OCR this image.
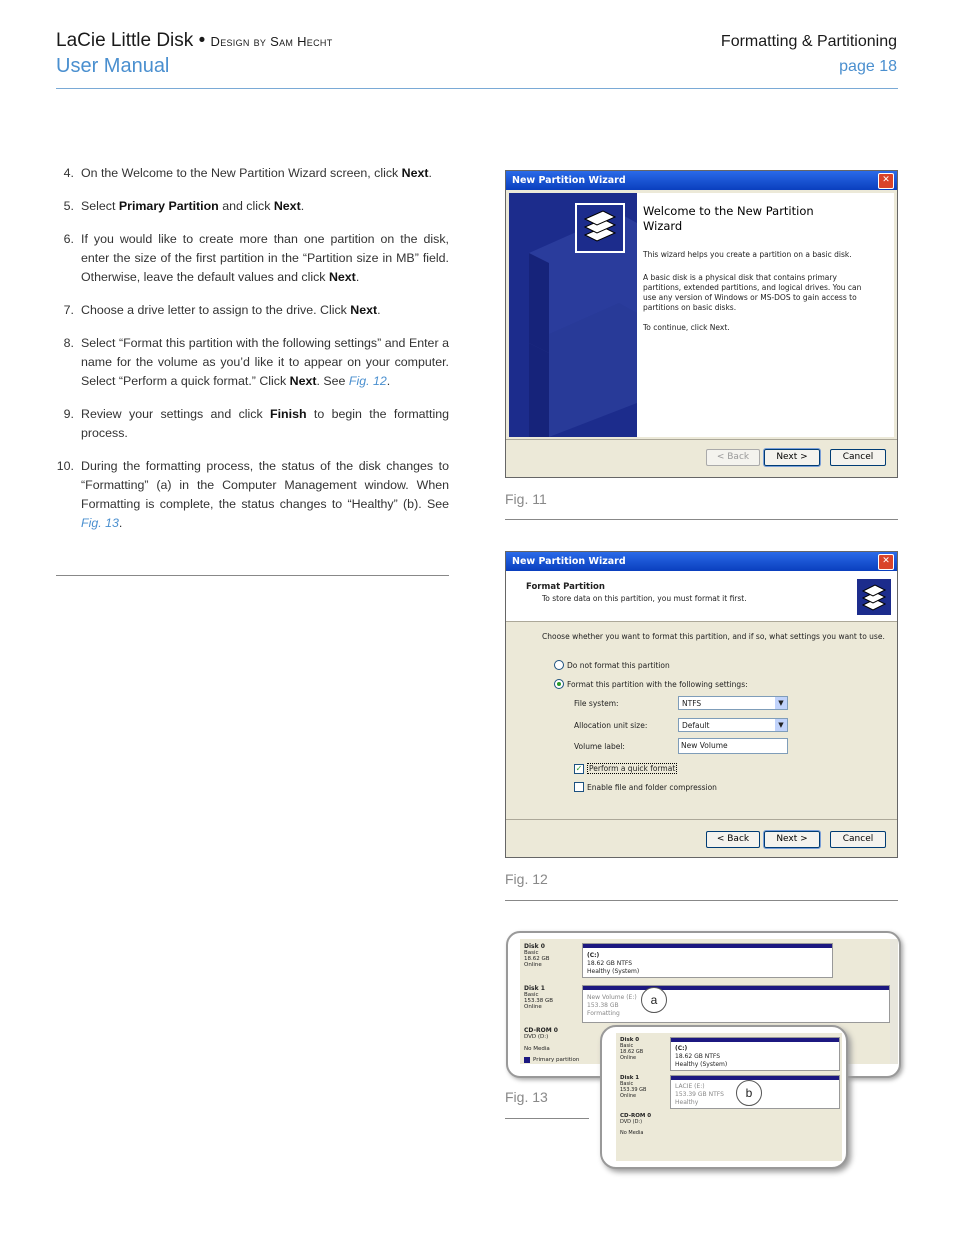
LaCie Little Disk • Design by Sam Hecht
User Manual
Formatting & Partitioning
page 18
4. On the Welcome to the New Partition Wizard screen, click Next.
5. Select Primary Partition and click Next.
6. If you would like to create more than one partition on the disk, enter the size of the first partition in the “Partition size in MB” field. Otherwise, leave the default values and click Next.
7. Choose a drive letter to assign to the drive. Click Next.
8. Select “Format this partition with the following settings” and Enter a name for the volume as you’d like it to appear on your computer. Select “Perform a quick format.” Click Next. See Fig. 12.
9. Review your settings and click Finish to begin the formatting process.
10. During the formatting process, the status of the disk changes to “Formatting” (a) in the Computer Management window. When Formatting is complete, the status changes to “Healthy” (b). See Fig. 13.
New Partition Wizard	✕
Welcome to the New Partition Wizard
This wizard helps you create a partition on a basic disk.
A basic disk is a physical disk that contains primary partitions, extended partitions, and logical drives. You can use any version of Windows or MS-DOS to gain access to partitions on basic disks.
To continue, click Next.
< Back	Next >	Cancel
Fig. 11
New Partition Wizard	✕
Format Partition
To store data on this partition, you must format it first.
Choose whether you want to format this partition, and if so, what settings you want to use.
Do not format this partition
Format this partition with the following settings:
File system:	NTFS	▼
Allocation unit size:	Default	▼
Volume label:	New Volume
✓ Perform a quick format
Enable file and folder compression
< Back	Next >	Cancel
Fig. 12
Disk 0
Basic
18.62 GB
Online
(C:)
18.62 GB NTFS
Healthy (System)
Disk 1
Basic
153.38 GB
Online
New Volume (E:)
153.38 GB
Formatting
CD-ROM 0
DVD (D:)
No Media
Primary partition
a
Disk 0
Basic
18.62 GB
Online
(C:)
18.62 GB NTFS
Healthy (System)
Disk 1
Basic
153.39 GB
Online
LACIE (E:)
153.39 GB NTFS
Healthy
CD-ROM 0
DVD (D:)
No Media
b
Fig. 13
